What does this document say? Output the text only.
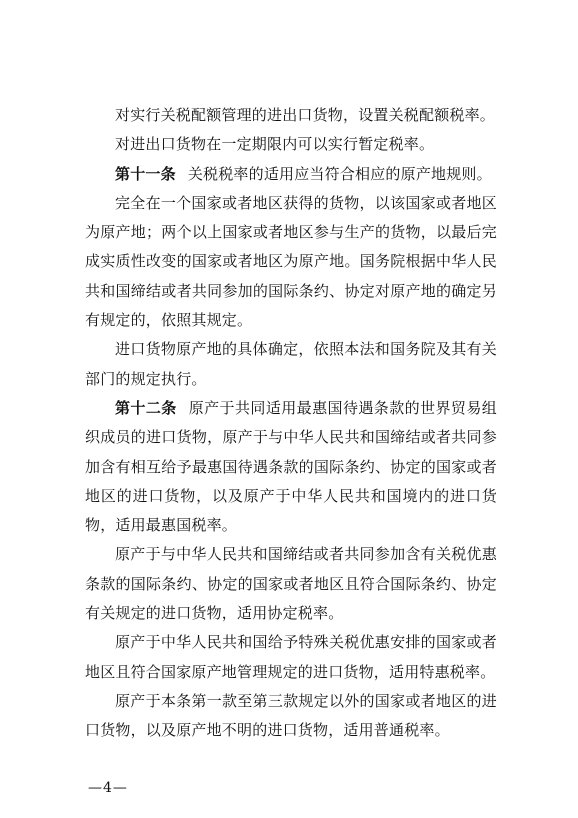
对实行关税配额管理的进出口货物，设置关税配额税率。

对进出口货物在一定期限内可以实行暂定税率。

第十一条 关税税率的适用应当符合相应的原产地规则。

完全在一个国家或者地区获得的货物，以该国家或者地区为原产地；两个以上国家或者地区参与生产的货物，以最后完成实质性改变的国家或者地区为原产地。国务院根据中华人民共和国缔结或者共同参加的国际条约、协定对原产地的确定另有规定的，依照其规定。

进口货物原产地的具体确定，依照本法和国务院及其有关部门的规定执行。

第十二条 原产于共同适用最惠国待遇条款的世界贸易组织成员的进口货物，原产于与中华人民共和国缔结或者共同参加含有相互给予最惠国待遇条款的国际条约、协定的国家或者地区的进口货物，以及原产于中华人民共和国境内的进口货物，适用最惠国税率。

原产于与中华人民共和国缔结或者共同参加含有关税优惠条款的国际条约、协定的国家或者地区且符合国际条约、协定有关规定的进口货物，适用协定税率。

原产于中华人民共和国给予特殊关税优惠安排的国家或者地区且符合国家原产地管理规定的进口货物，适用特惠税率。

原产于本条第一款至第三款规定以外的国家或者地区的进口货物，以及原产地不明的进口货物，适用普通税率。

—4—
